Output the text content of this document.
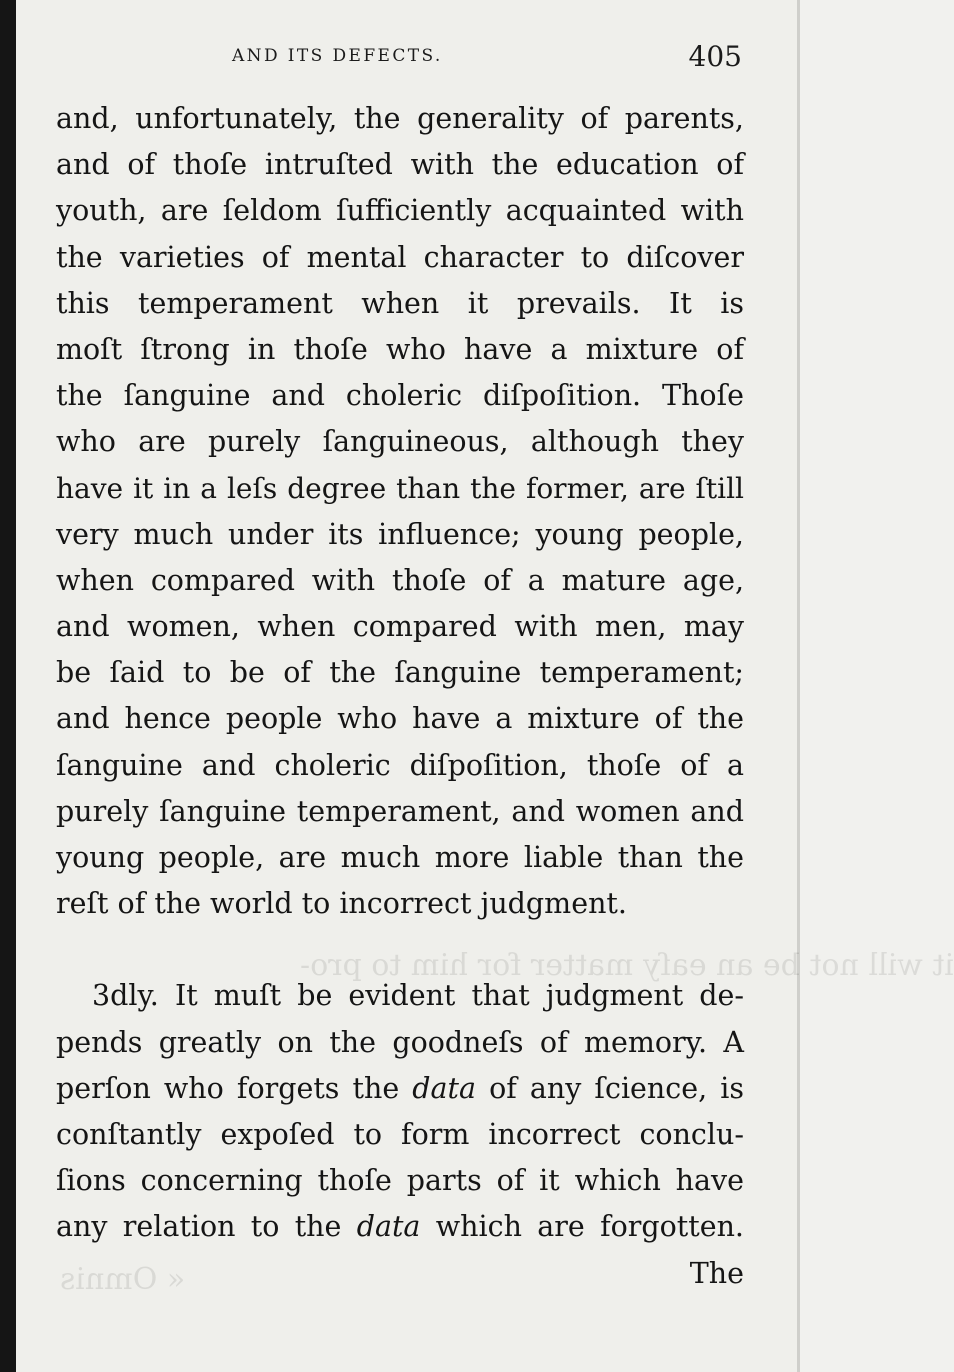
it will not be an eaſy matter for him to pro-
« Omnis
AND ITS DEFECTS.	405
and, unfortunately, the generality of parents,
and of thoſe intruſted with the education of
youth, are ſeldom ſufficiently acquainted with
the varieties of mental character to diſcover
this temperament when it prevails. It is
moſt ſtrong in thoſe who have a mixture of
the ſanguine and choleric diſpoſition. Thoſe
who are purely ſanguineous, although they
have it in a leſs degree than the former, are ſtill
very much under its influence; young people,
when compared with thoſe of a mature age,
and women, when compared with men, may
be ſaid to be of the ſanguine temperament;
and hence people who have a mixture of the
ſanguine and choleric diſpoſition, thoſe of a
purely ſanguine temperament, and women and
young people, are much more liable than the
reſt of the world to incorrect judgment.
3dly. It muſt be evident that judgment de-
pends greatly on the goodneſs of memory. A
perſon who forgets the data of any ſcience, is
conſtantly expoſed to form incorrect conclu-
ſions concerning thoſe parts of it which have
any relation to the data which are forgotten.
The
